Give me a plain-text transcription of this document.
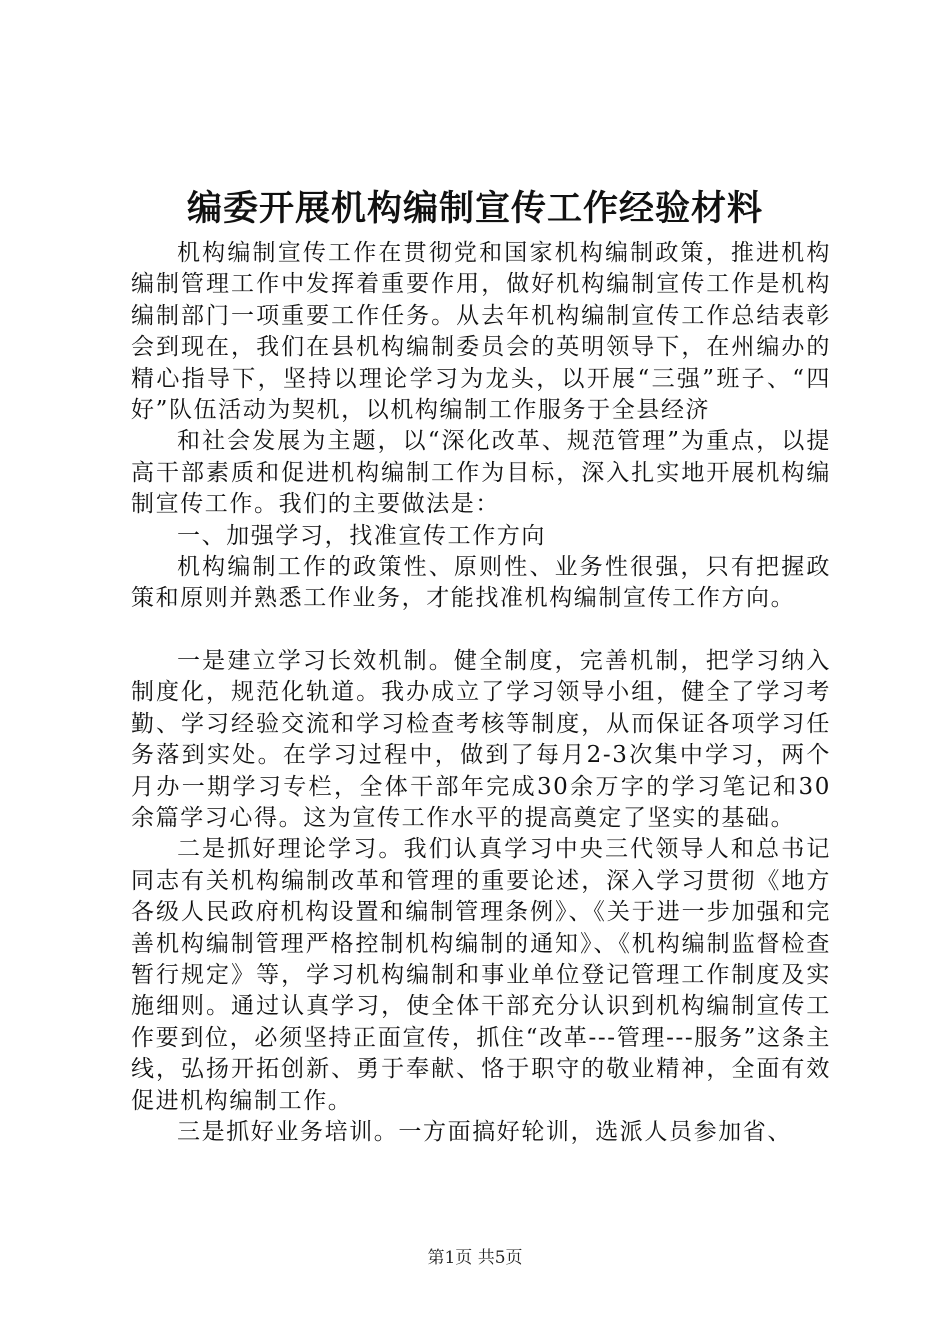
编委开展机构编制宣传工作经验材料

机构编制宣传工作在贯彻党和国家机构编制政策，推进机构编制管理工作中发挥着重要作用，做好机构编制宣传工作是机构编制部门一项重要工作任务。从去年机构编制宣传工作总结表彰会到现在，我们在县机构编制委员会的英明领导下，在州编办的精心指导下，坚持以理论学习为龙头，以开展“三强”班子、“四好”队伍活动为契机，以机构编制工作服务于全县经济

和社会发展为主题，以“深化改革、规范管理”为重点，以提高干部素质和促进机构编制工作为目标，深入扎实地开展机构编制宣传工作。我们的主要做法是：

一、加强学习，找准宣传工作方向

机构编制工作的政策性、原则性、业务性很强，只有把握政策和原则并熟悉工作业务，才能找准机构编制宣传工作方向。

一是建立学习长效机制。健全制度，完善机制，把学习纳入制度化，规范化轨道。我办成立了学习领导小组，健全了学习考勤、学习经验交流和学习检查考核等制度，从而保证各项学习任务落到实处。在学习过程中，做到了每月2-3次集中学习，两个月办一期学习专栏，全体干部年完成30余万字的学习笔记和30余篇学习心得。这为宣传工作水平的提高奠定了坚实的基础。

二是抓好理论学习。我们认真学习中央三代领导人和总书记同志有关机构编制改革和管理的重要论述，深入学习贯彻《地方各级人民政府机构设置和编制管理条例》、《关于进一步加强和完善机构编制管理严格控制机构编制的通知》、《机构编制监督检查暂行规定》等，学习机构编制和事业单位登记管理工作制度及实施细则。通过认真学习，使全体干部充分认识到机构编制宣传工作要到位，必须坚持正面宣传，抓住“改革---管理---服务”这条主线，弘扬开拓创新、勇于奉献、恪于职守的敬业精神，全面有效促进机构编制工作。

三是抓好业务培训。一方面搞好轮训，选派人员参加省、

第1页 共5页
